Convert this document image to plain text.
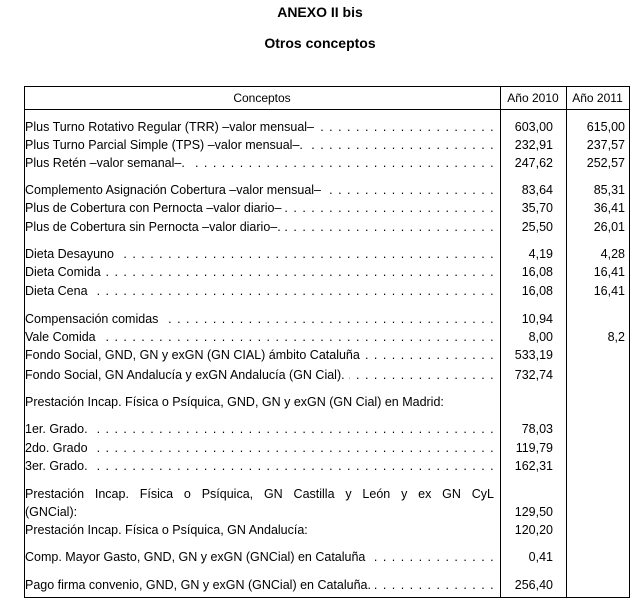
ANEXO II bis
Otros conceptos
Conceptos	Año 2010	Año 2011
Plus Turno Rotativo Regular (TRR) –valor mensual– . . .	603,00	615,00
Plus Turno Parcial Simple (TPS) –valor mensual–. . . .	232,91	237,57
Plus Retén –valor semanal–. . . .	247,62	252,57
Complemento Asignación Cobertura –valor mensual– . . .	83,64	85,31
Plus de Cobertura con Pernocta –valor diario– . . .	35,70	36,41
Plus de Cobertura sin Pernocta –valor diario–. . . .	25,50	26,01
Dieta Desayuno . . .	4,19	4,28
Dieta Comida . . .	16,08	16,41
Dieta Cena . . .	16,08	16,41
Compensación comidas . . .	10,94
Vale Comida . . .	8,00	8,2
Fondo Social, GND, GN y exGN (GN CIAL) ámbito Cataluña . . .	533,19
Fondo Social, GN Andalucía y exGN Andalucía (GN Cial). . . .	732,74
Prestación Incap. Física o Psíquica, GND, GN y exGN (GN Cial) en Madrid:
1er. Grado. . . .	78,03
2do. Grado . . .	119,79
3er. Grado. . . .	162,31
Prestación Incap. Física o Psíquica, GN Castilla y León y ex GN CyL
(GNCial):	129,50
Prestación Incap. Física o Psíquica, GN Andalucía:	120,20
Comp. Mayor Gasto, GND, GN y exGN (GNCial) en Cataluña . . .	0,41
Pago firma convenio, GND, GN y exGN (GNCial) en Cataluña. . . .	256,40
